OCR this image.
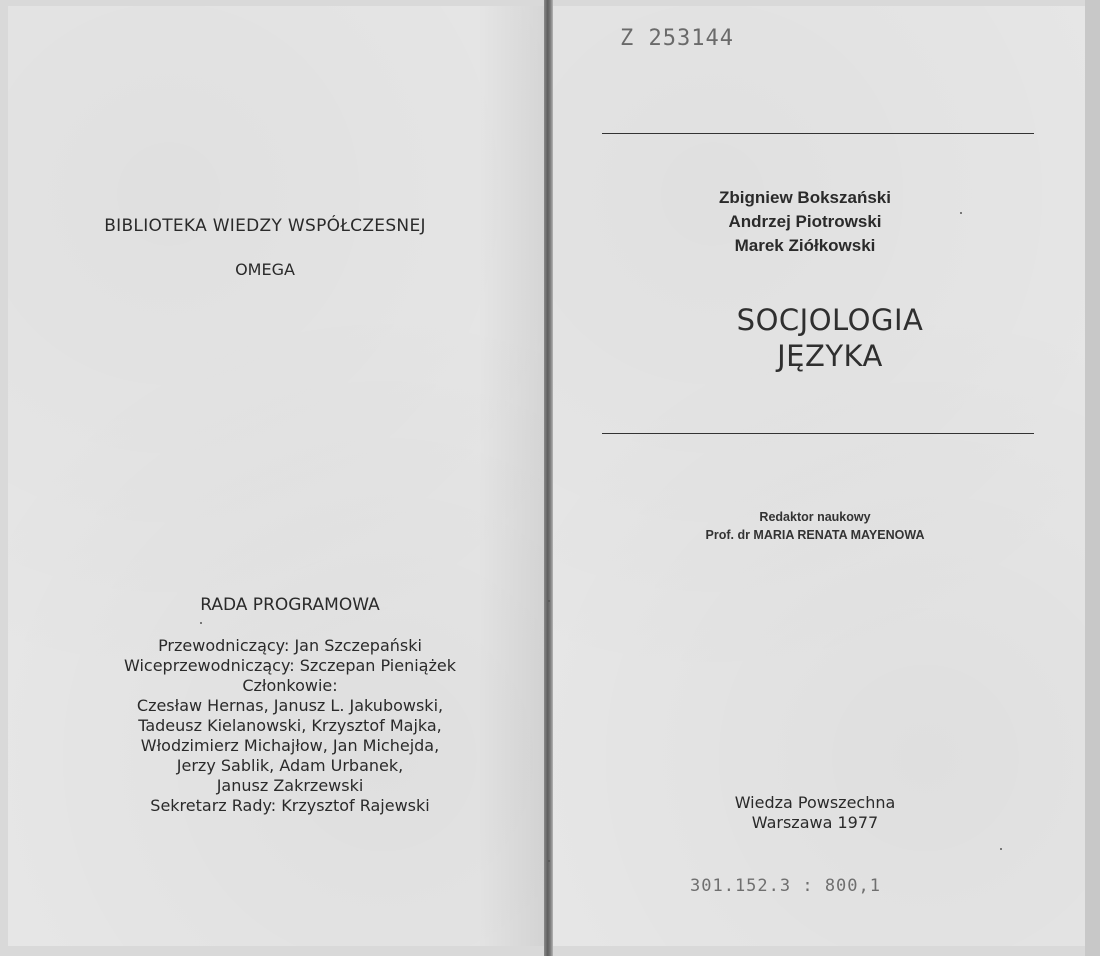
BIBLIOTEKA WIEDZY WSPÓŁCZESNEJ
OMEGA
RADA PROGRAMOWA
Przewodniczący: Jan Szczepański
Wiceprzewodniczący: Szczepan Pieniążek
Członkowie:
Czesław Hernas, Janusz L. Jakubowski,
Tadeusz Kielanowski, Krzysztof Majka,
Włodzimierz Michajłow, Jan Michejda,
Jerzy Sablik, Adam Urbanek,
Janusz Zakrzewski
Sekretarz Rady: Krzysztof Rajewski
Z 253144
Zbigniew Bokszański
Andrzej Piotrowski
Marek Ziółkowski
SOCJOLOGIA
JĘZYKA
Redaktor naukowy
Prof. dr MARIA RENATA MAYENOWA
Wiedza Powszechna
Warszawa 1977
301.152.3 : 800,1
